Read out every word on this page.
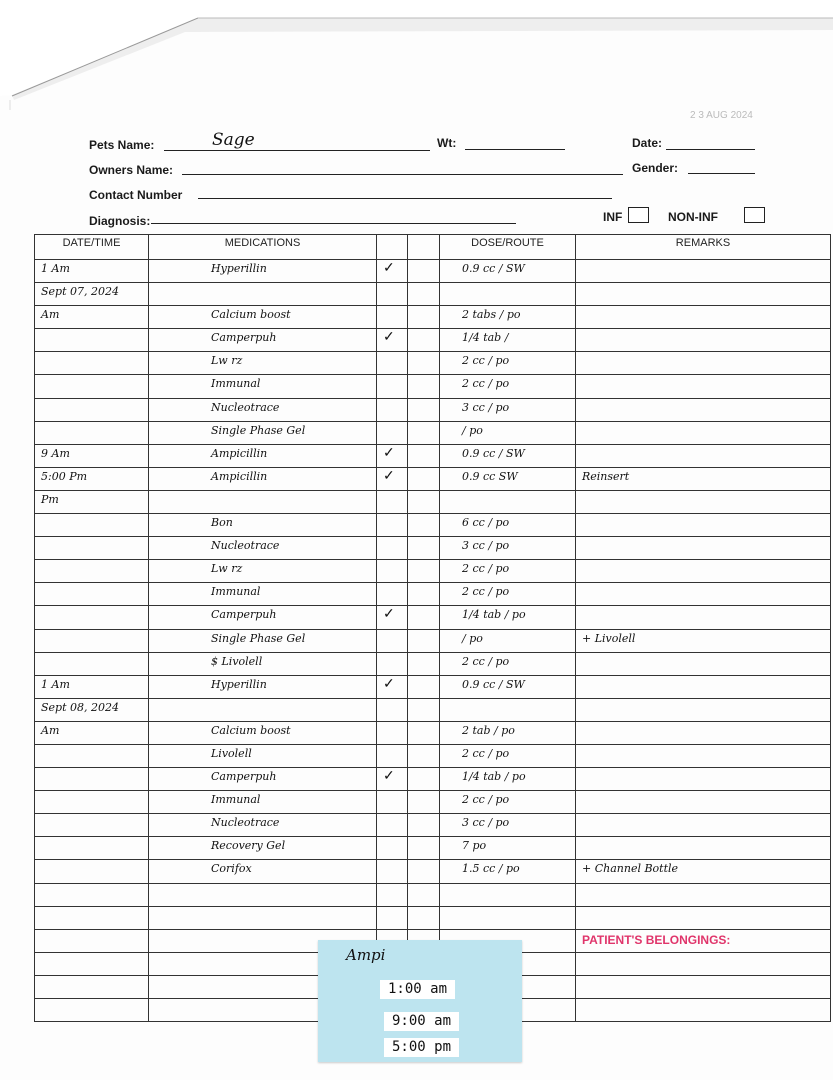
2 3 AUG 2024
Pets Name:	Sage	Wt:	Date:
Owners Name:	Gender:
Contact Number
Diagnosis:	INF	NON-INF
DATE/TIME	MEDICATIONS			DOSE/ROUTE	REMARKS

1 Am	Hyperillin	✓		0.9 cc / SW	

Sept 07, 2024					

Am	Calcium boost			2 tabs / po	

	Camperpuh	✓		1/4 tab /	

	Lw rz			2 cc / po	

	Immunal			2 cc / po	

	Nucleotrace			3 cc / po	

	Single Phase Gel			/ po	

9 Am	Ampicillin	✓		0.9 cc / SW	

5:00 Pm	Ampicillin	✓		0.9 cc SW	Reinsert

Pm					

	Bon			6 cc / po	

	Nucleotrace			3 cc / po	

	Lw rz			2 cc / po	

	Immunal			2 cc / po	

	Camperpuh	✓		1/4 tab / po	

	Single Phase Gel			/ po	+ Livolell

	$ Livolell			2 cc / po	

1 Am	Hyperillin	✓		0.9 cc / SW	

Sept 08, 2024					

Am	Calcium boost			2 tab / po	

	Livolell			2 cc / po	

	Camperpuh	✓		1/4 tab / po	

	Immunal			2 cc / po	

	Nucleotrace			3 cc / po	

	Recovery Gel			7 po	

	Corifox			1.5 cc / po	+ Channel Bottle

PATIENT'S BELONGINGS:
Ampi
1:00 am
9:00 am
5:00 pm
